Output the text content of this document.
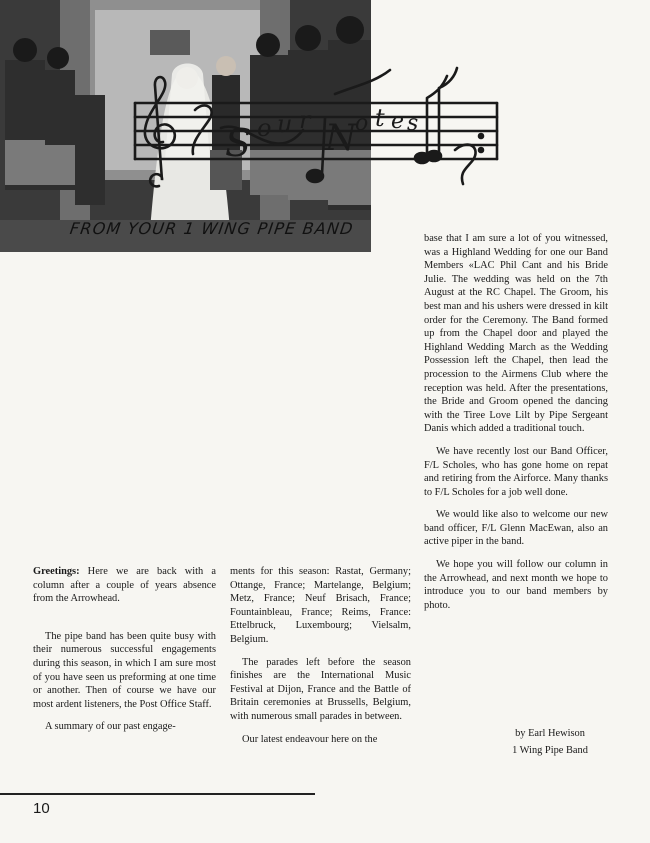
S o u r N
o t e s
FROM YOUR 1 WING PIPE BAND

Greetings: Here we are back with a column after a couple of years absence from the Arrowhead.

The pipe band has been quite busy with their numerous successful engagements during this season, in which I am sure most of you have seen us preforming at one time or another. Then of course we have our most ardent listeners, the Post Office Staff.

A summary of our past engage-

ments for this season: Rastat, Germany; Ottange, France; Martelange, Belgium; Metz, France; Neuf Brisach, France; Fountainbleau, France; Reims, France: Ettelbruck, Luxembourg; Vielsalm, Belgium.

The parades left before the season finishes are the International Music Festival at Dijon, France and the Battle of Britain ceremonies at Brussells, Belgium, with numerous small parades in between.

Our latest endeavour here on the

base that I am sure a lot of you witnessed, was a Highland Wedding for one our Band Members «LAC Phil Cant and his Bride Julie. The wedding was held on the 7th August at the RC Chapel. The Groom, his best man and his ushers were dressed in kilt order for the Ceremony. The Band formed up from the Chapel door and played the Highland Wedding March as the Wedding Possession left the Chapel, then lead the procession to the Airmens Club where the reception was held. After the presentations, the Bride and Groom opened the dancing with the Tiree Love Lilt by Pipe Sergeant Danis which added a traditional touch.

We have recently lost our Band Officer, F/L Scholes, who has gone home on repat and retiring from the Airforce. Many thanks to F/L Scholes for a job well done.

We would like also to welcome our new band officer, F/L Glenn MacEwan, also an active piper in the band.

We hope you will follow our column in the Arrowhead, and next month we hope to introduce you to our band members by photo.

by Earl Hewison
1 Wing Pipe Band
10
